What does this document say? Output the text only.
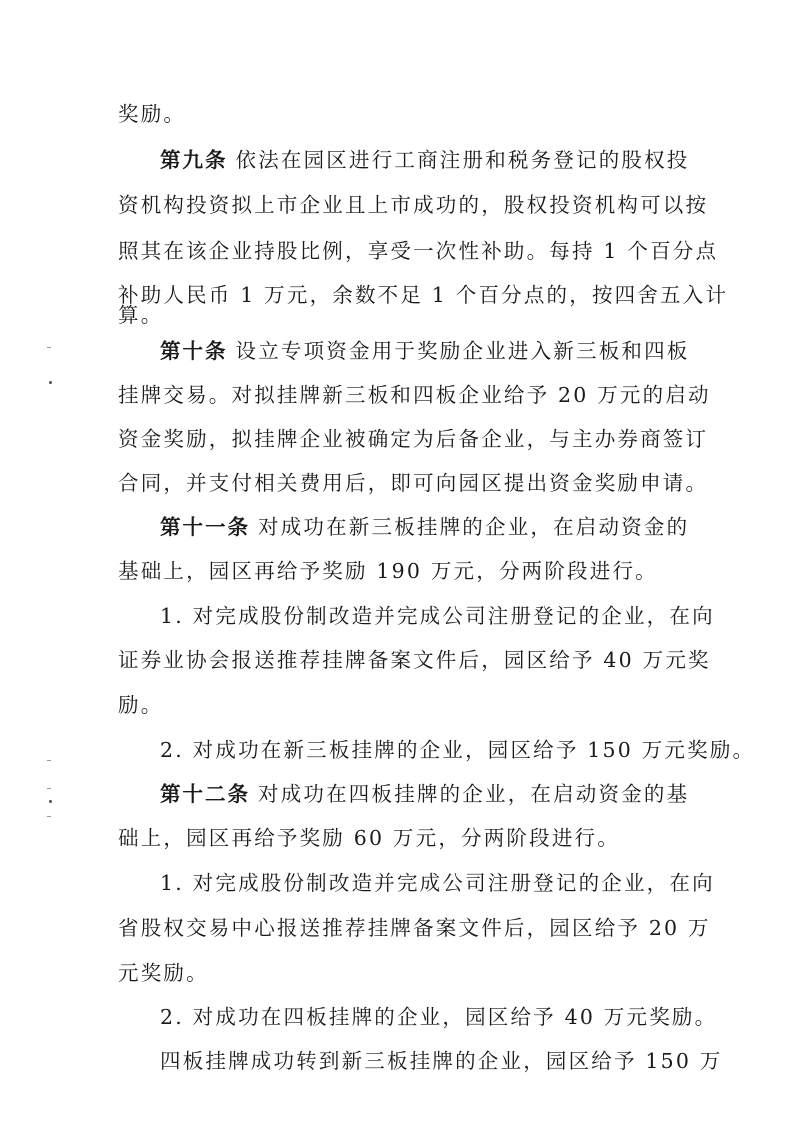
奖励。
第九条 依法在园区进行工商注册和税务登记的股权投
资机构投资拟上市企业且上市成功的，股权投资机构可以按
照其在该企业持股比例，享受一次性补助。每持 1 个百分点
补助人民币 1 万元，余数不足 1 个百分点的，按四舍五入计
算。
第十条 设立专项资金用于奖励企业进入新三板和四板
挂牌交易。对拟挂牌新三板和四板企业给予 20 万元的启动
资金奖励，拟挂牌企业被确定为后备企业，与主办券商签订
合同，并支付相关费用后，即可向园区提出资金奖励申请。
第十一条 对成功在新三板挂牌的企业，在启动资金的
基础上，园区再给予奖励 190 万元，分两阶段进行。
1. 对完成股份制改造并完成公司注册登记的企业，在向
证券业协会报送推荐挂牌备案文件后，园区给予 40 万元奖
励。
2. 对成功在新三板挂牌的企业，园区给予 150 万元奖励。
第十二条 对成功在四板挂牌的企业，在启动资金的基
础上，园区再给予奖励 60 万元，分两阶段进行。
1. 对完成股份制改造并完成公司注册登记的企业，在向
省股权交易中心报送推荐挂牌备案文件后，园区给予 20 万
元奖励。
2. 对成功在四板挂牌的企业，园区给予 40 万元奖励。
四板挂牌成功转到新三板挂牌的企业，园区给予 150 万
